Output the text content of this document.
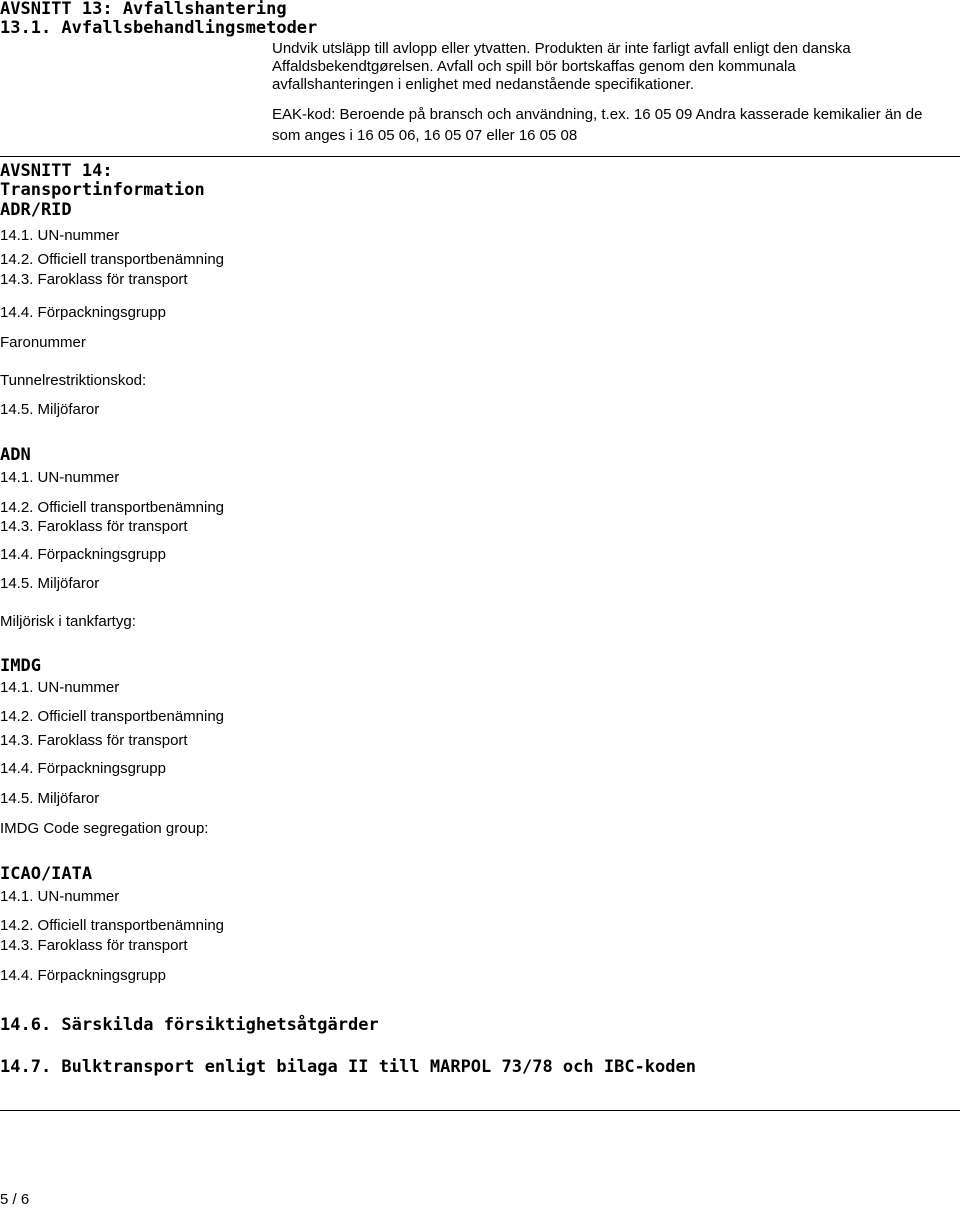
AVSNITT 13: Avfallshantering
13.1. Avfallsbehandlingsmetoder
Undvik utsläpp till avlopp eller ytvatten. Produkten är inte farligt avfall enligt den danska
Affaldsbekendtgørelsen. Avfall och spill bör bortskaffas genom den kommunala
avfallshanteringen i enlighet med nedanstående specifikationer.
EAK-kod: Beroende på bransch och användning, t.ex. 16 05 09 Andra kasserade kemikalier än de
som anges i 16 05 06, 16 05 07 eller 16 05 08
AVSNITT 14:
Transportinformation
ADR/RID
14.1. UN-nummer
14.2. Officiell transportbenämning
14.3. Faroklass för transport
14.4. Förpackningsgrupp
Faronummer
Tunnelrestriktionskod:
14.5. Miljöfaror
ADN
14.1. UN-nummer
14.2. Officiell transportbenämning
14.3. Faroklass för transport
14.4. Förpackningsgrupp
14.5. Miljöfaror
Miljörisk i tankfartyg:
IMDG
14.1. UN-nummer
14.2. Officiell transportbenämning
14.3. Faroklass för transport
14.4. Förpackningsgrupp
14.5. Miljöfaror
IMDG Code segregation group:
ICAO/IATA
14.1. UN-nummer
14.2. Officiell transportbenämning
14.3. Faroklass för transport
14.4. Förpackningsgrupp
14.6. Särskilda försiktighetsåtgärder
14.7. Bulktransport enligt bilaga II till MARPOL 73/78 och IBC-koden
5 / 6
